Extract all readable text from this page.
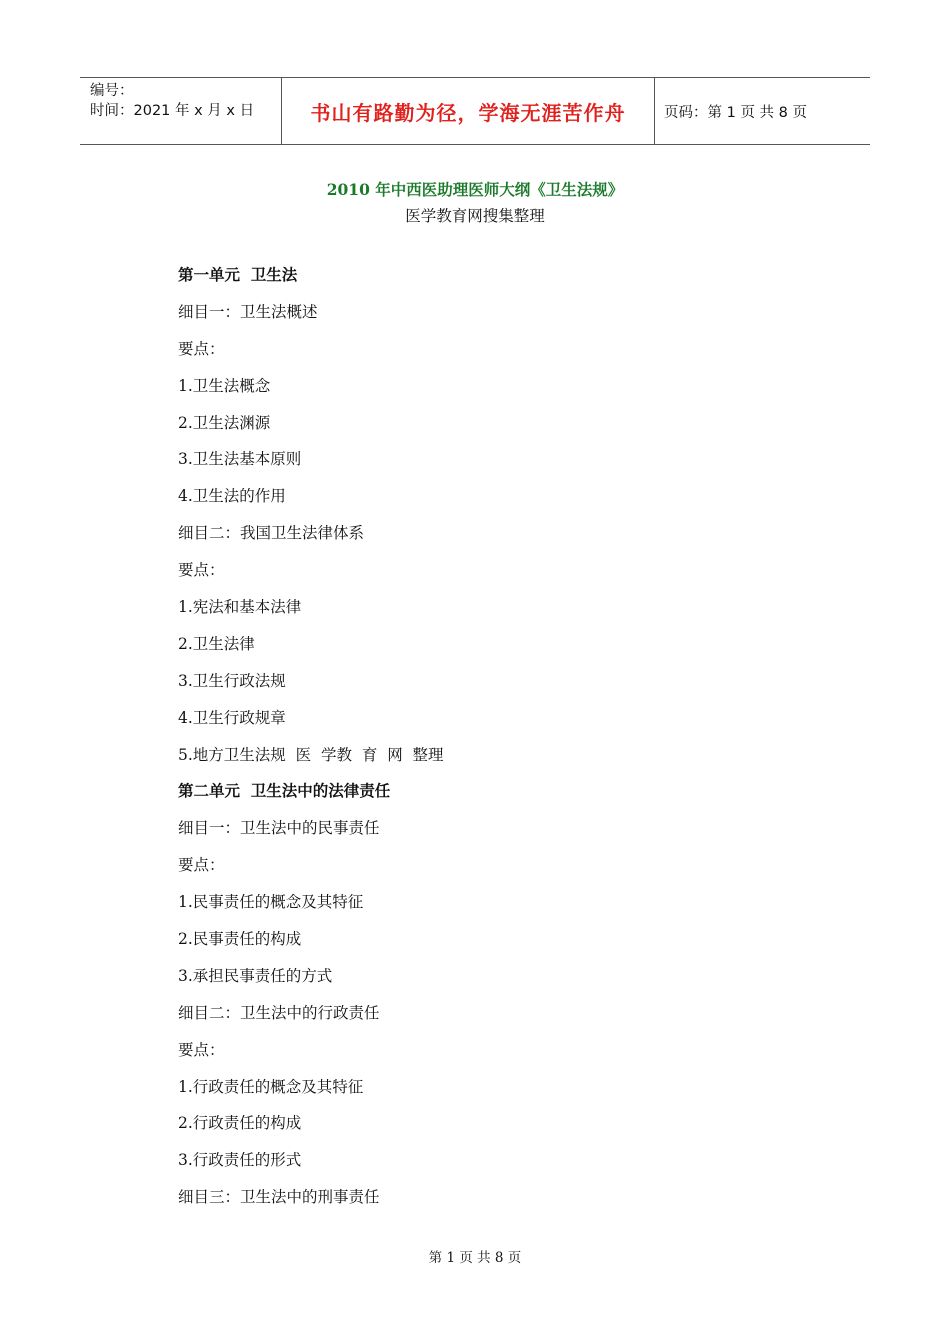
编号：
时间：2021 年 x 月 x 日	书山有路勤为径，学海无涯苦作舟	页码：第 1 页 共 8 页
2010 年中西医助理医师大纲《卫生法规》
医学教育网搜集整理
第一单元  卫生法
细目一：卫生法概述
要点：
1.卫生法概念
2.卫生法渊源
3.卫生法基本原则
4.卫生法的作用
细目二：我国卫生法律体系
要点：
1.宪法和基本法律
2.卫生法律
3.卫生行政法规
4.卫生行政规章
5.地方卫生法规  医  学教  育  网  整理
第二单元  卫生法中的法律责任
细目一：卫生法中的民事责任
要点：
1.民事责任的概念及其特征
2.民事责任的构成
3.承担民事责任的方式
细目二：卫生法中的行政责任
要点：
1.行政责任的概念及其特征
2.行政责任的构成
3.行政责任的形式
细目三：卫生法中的刑事责任
第 1 页 共 8 页
